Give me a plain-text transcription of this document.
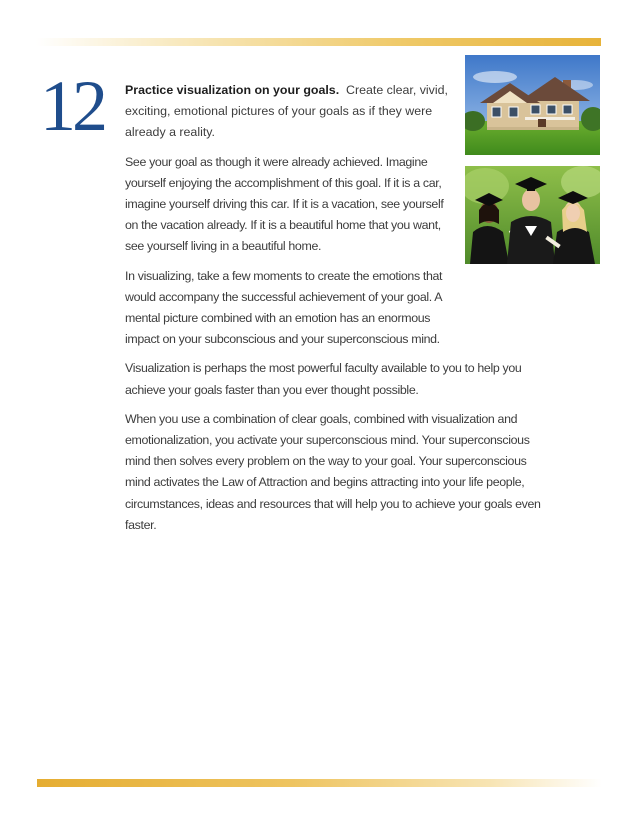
12 Practice visualization on your goals. Create clear, vivid, exciting, emotional pictures of your goals as if they were already a reality.

See your goal as though it were already achieved. Imagine yourself enjoying the accomplishment of this goal. If it is a car, imagine yourself driving this car. If it is a vacation, see yourself on the vacation already. If it is a beautiful home that you want, see yourself living in a beautiful home.

In visualizing, take a few moments to create the emotions that would accompany the successful achievement of your goal. A mental picture combined with an emotion has an enormous impact on your subconscious and your superconscious mind.

Visualization is perhaps the most powerful faculty available to you to help you achieve your goals faster than you ever thought possible.

When you use a combination of clear goals, combined with visualization and emotionalization, you activate your superconscious mind. Your superconscious mind then solves every problem on the way to your goal. Your superconscious mind activates the Law of Attraction and begins attracting into your life people, circumstances, ideas and resources that will help you to achieve your goals even faster.
